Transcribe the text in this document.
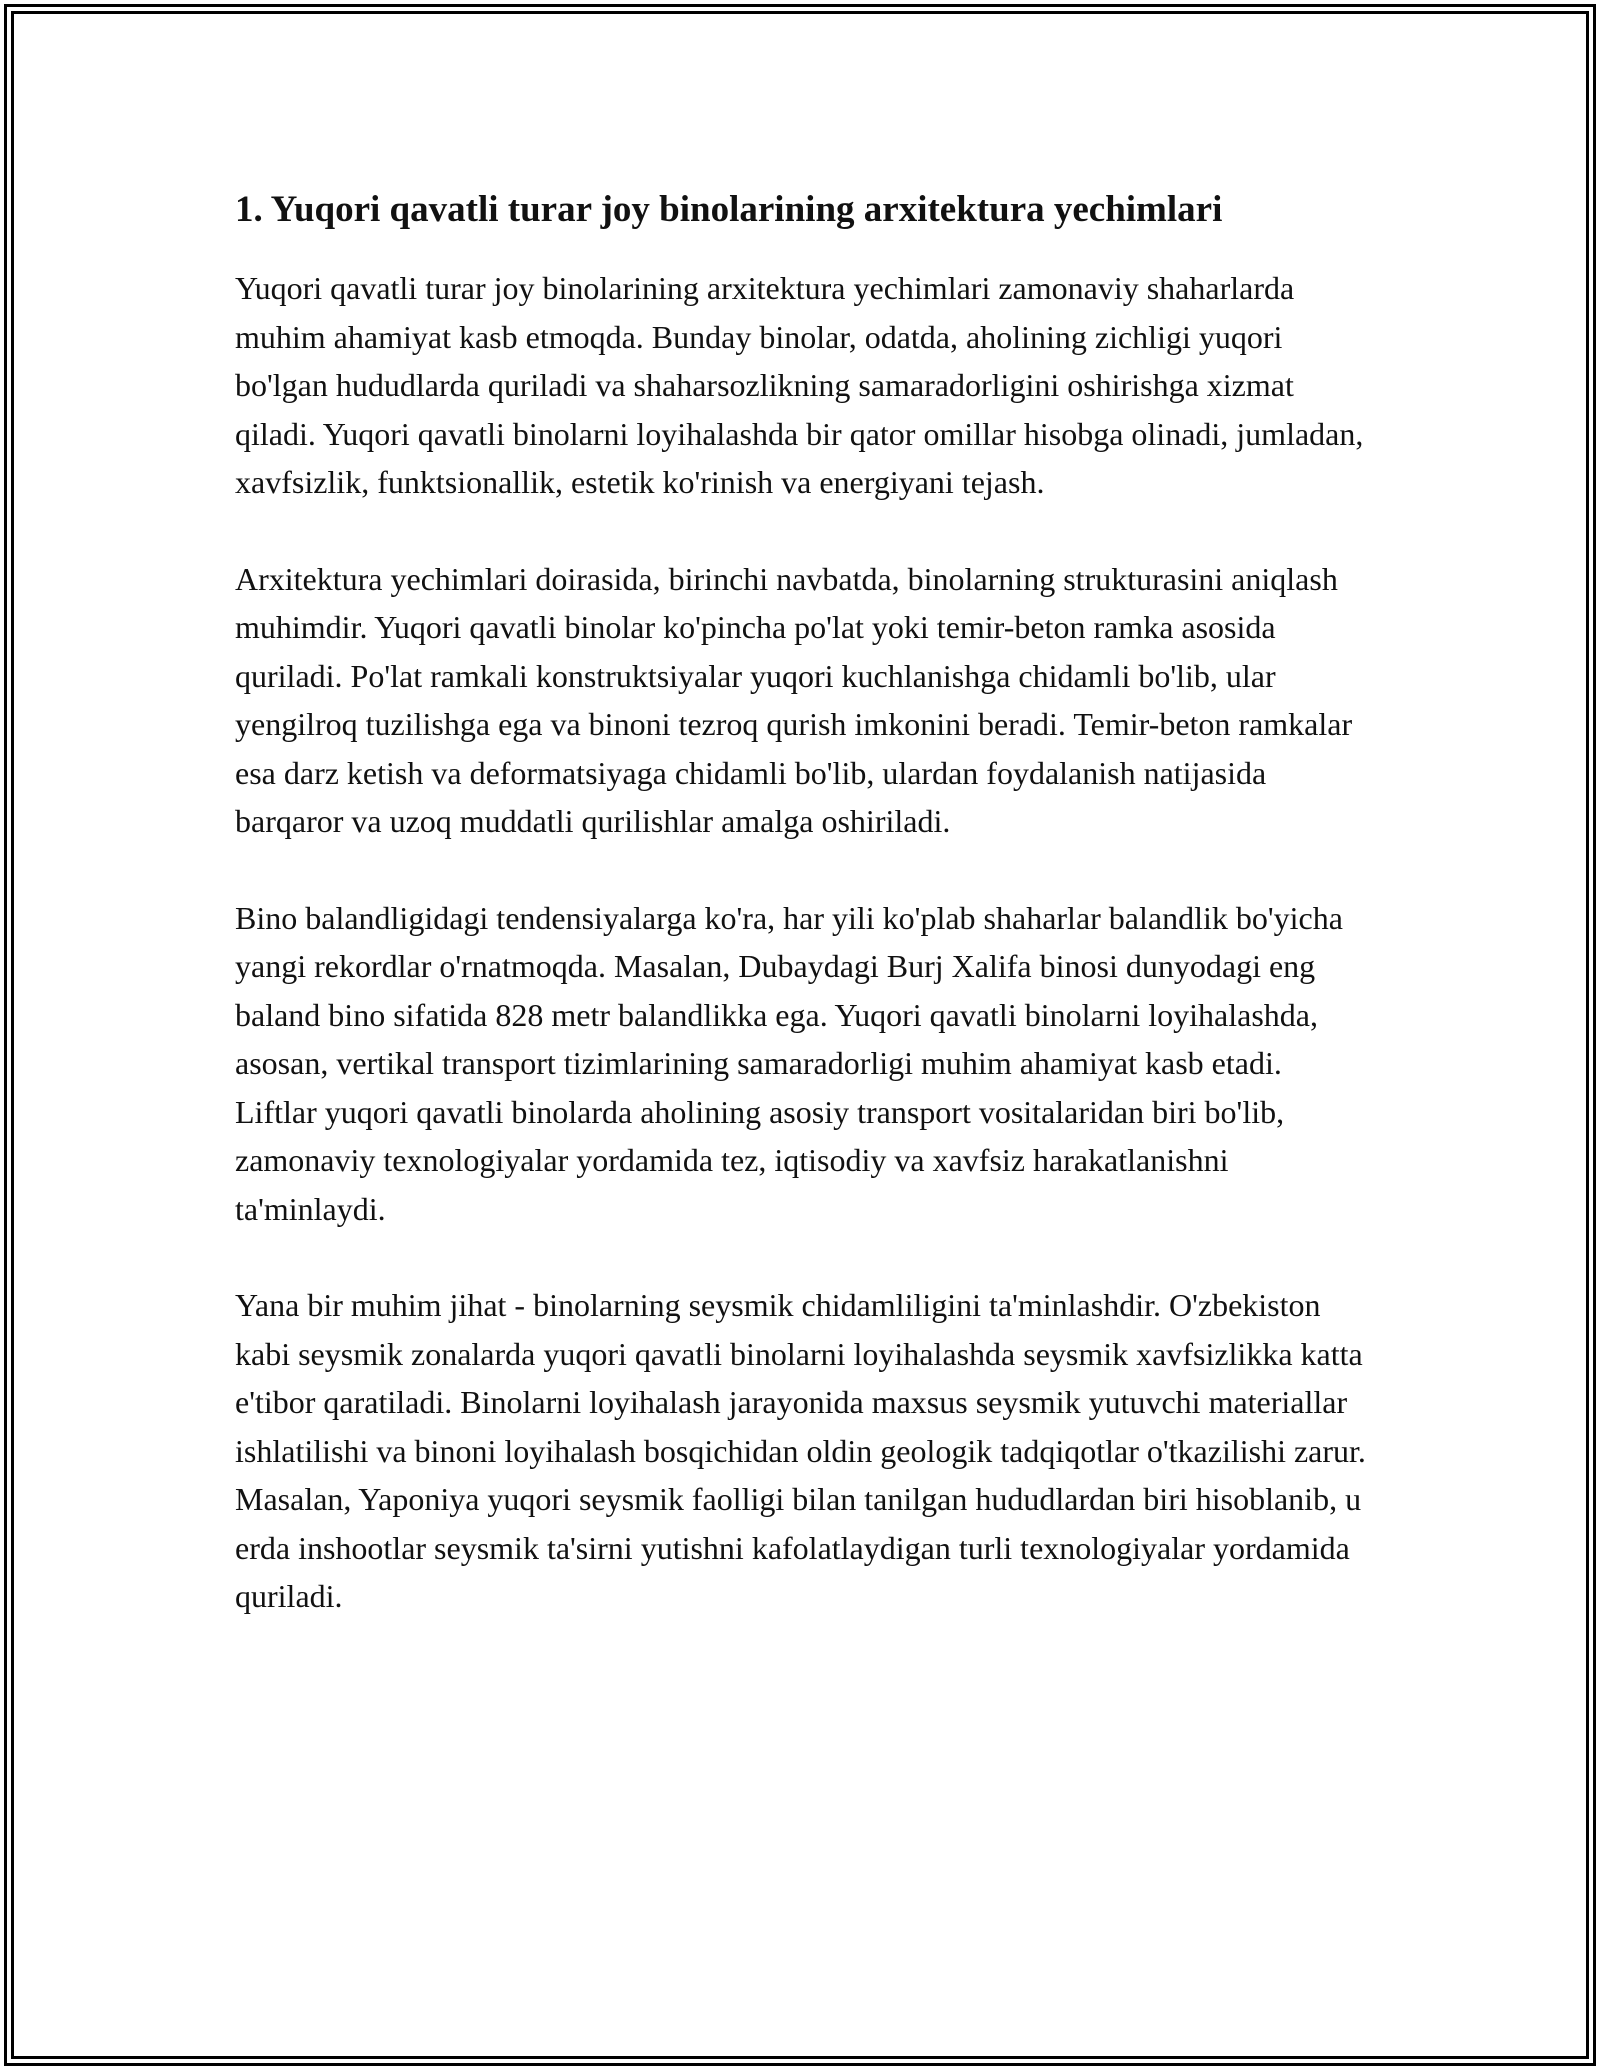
1. Yuqori qavatli turar joy binolarining arxitektura yechimlari

Yuqori qavatli turar joy binolarining arxitektura yechimlari zamonaviy shaharlarda muhim ahamiyat kasb etmoqda. Bunday binolar, odatda, aholining zichligi yuqori bo'lgan hududlarda quriladi va shaharsozlikning samaradorligini oshirishga xizmat qiladi. Yuqori qavatli binolarni loyihalashda bir qator omillar hisobga olinadi, jumladan, xavfsizlik, funktsionallik, estetik ko'rinish va energiyani tejash.

Arxitektura yechimlari doirasida, birinchi navbatda, binolarning strukturasini aniqlash muhimdir. Yuqori qavatli binolar ko'pincha po'lat yoki temir-beton ramka asosida quriladi. Po'lat ramkali konstruktsiyalar yuqori kuchlanishga chidamli bo'lib, ular yengilroq tuzilishga ega va binoni tezroq qurish imkonini beradi. Temir-beton ramkalar esa darz ketish va deformatsiyaga chidamli bo'lib, ulardan foydalanish natijasida barqaror va uzoq muddatli qurilishlar amalga oshiriladi.

Bino balandligidagi tendensiyalarga ko'ra, har yili ko'plab shaharlar balandlik bo'yicha yangi rekordlar o'rnatmoqda. Masalan, Dubaydagi Burj Xalifa binosi dunyodagi eng baland bino sifatida 828 metr balandlikka ega. Yuqori qavatli binolarni loyihalashda, asosan, vertikal transport tizimlarining samaradorligi muhim ahamiyat kasb etadi. Liftlar yuqori qavatli binolarda aholining asosiy transport vositalaridan biri bo'lib, zamonaviy texnologiyalar yordamida tez, iqtisodiy va xavfsiz harakatlanishni ta'minlaydi.

Yana bir muhim jihat - binolarning seysmik chidamliligini ta'minlashdir. O'zbekiston kabi seysmik zonalarda yuqori qavatli binolarni loyihalashda seysmik xavfsizlikka katta e'tibor qaratiladi. Binolarni loyihalash jarayonida maxsus seysmik yutuvchi materiallar ishlatilishi va binoni loyihalash bosqichidan oldin geologik tadqiqotlar o'tkazilishi zarur. Masalan, Yaponiya yuqori seysmik faolligi bilan tanilgan hududlardan biri hisoblanib, u erda inshootlar seysmik ta'sirni yutishni kafolatlaydigan turli texnologiyalar yordamida quriladi.
